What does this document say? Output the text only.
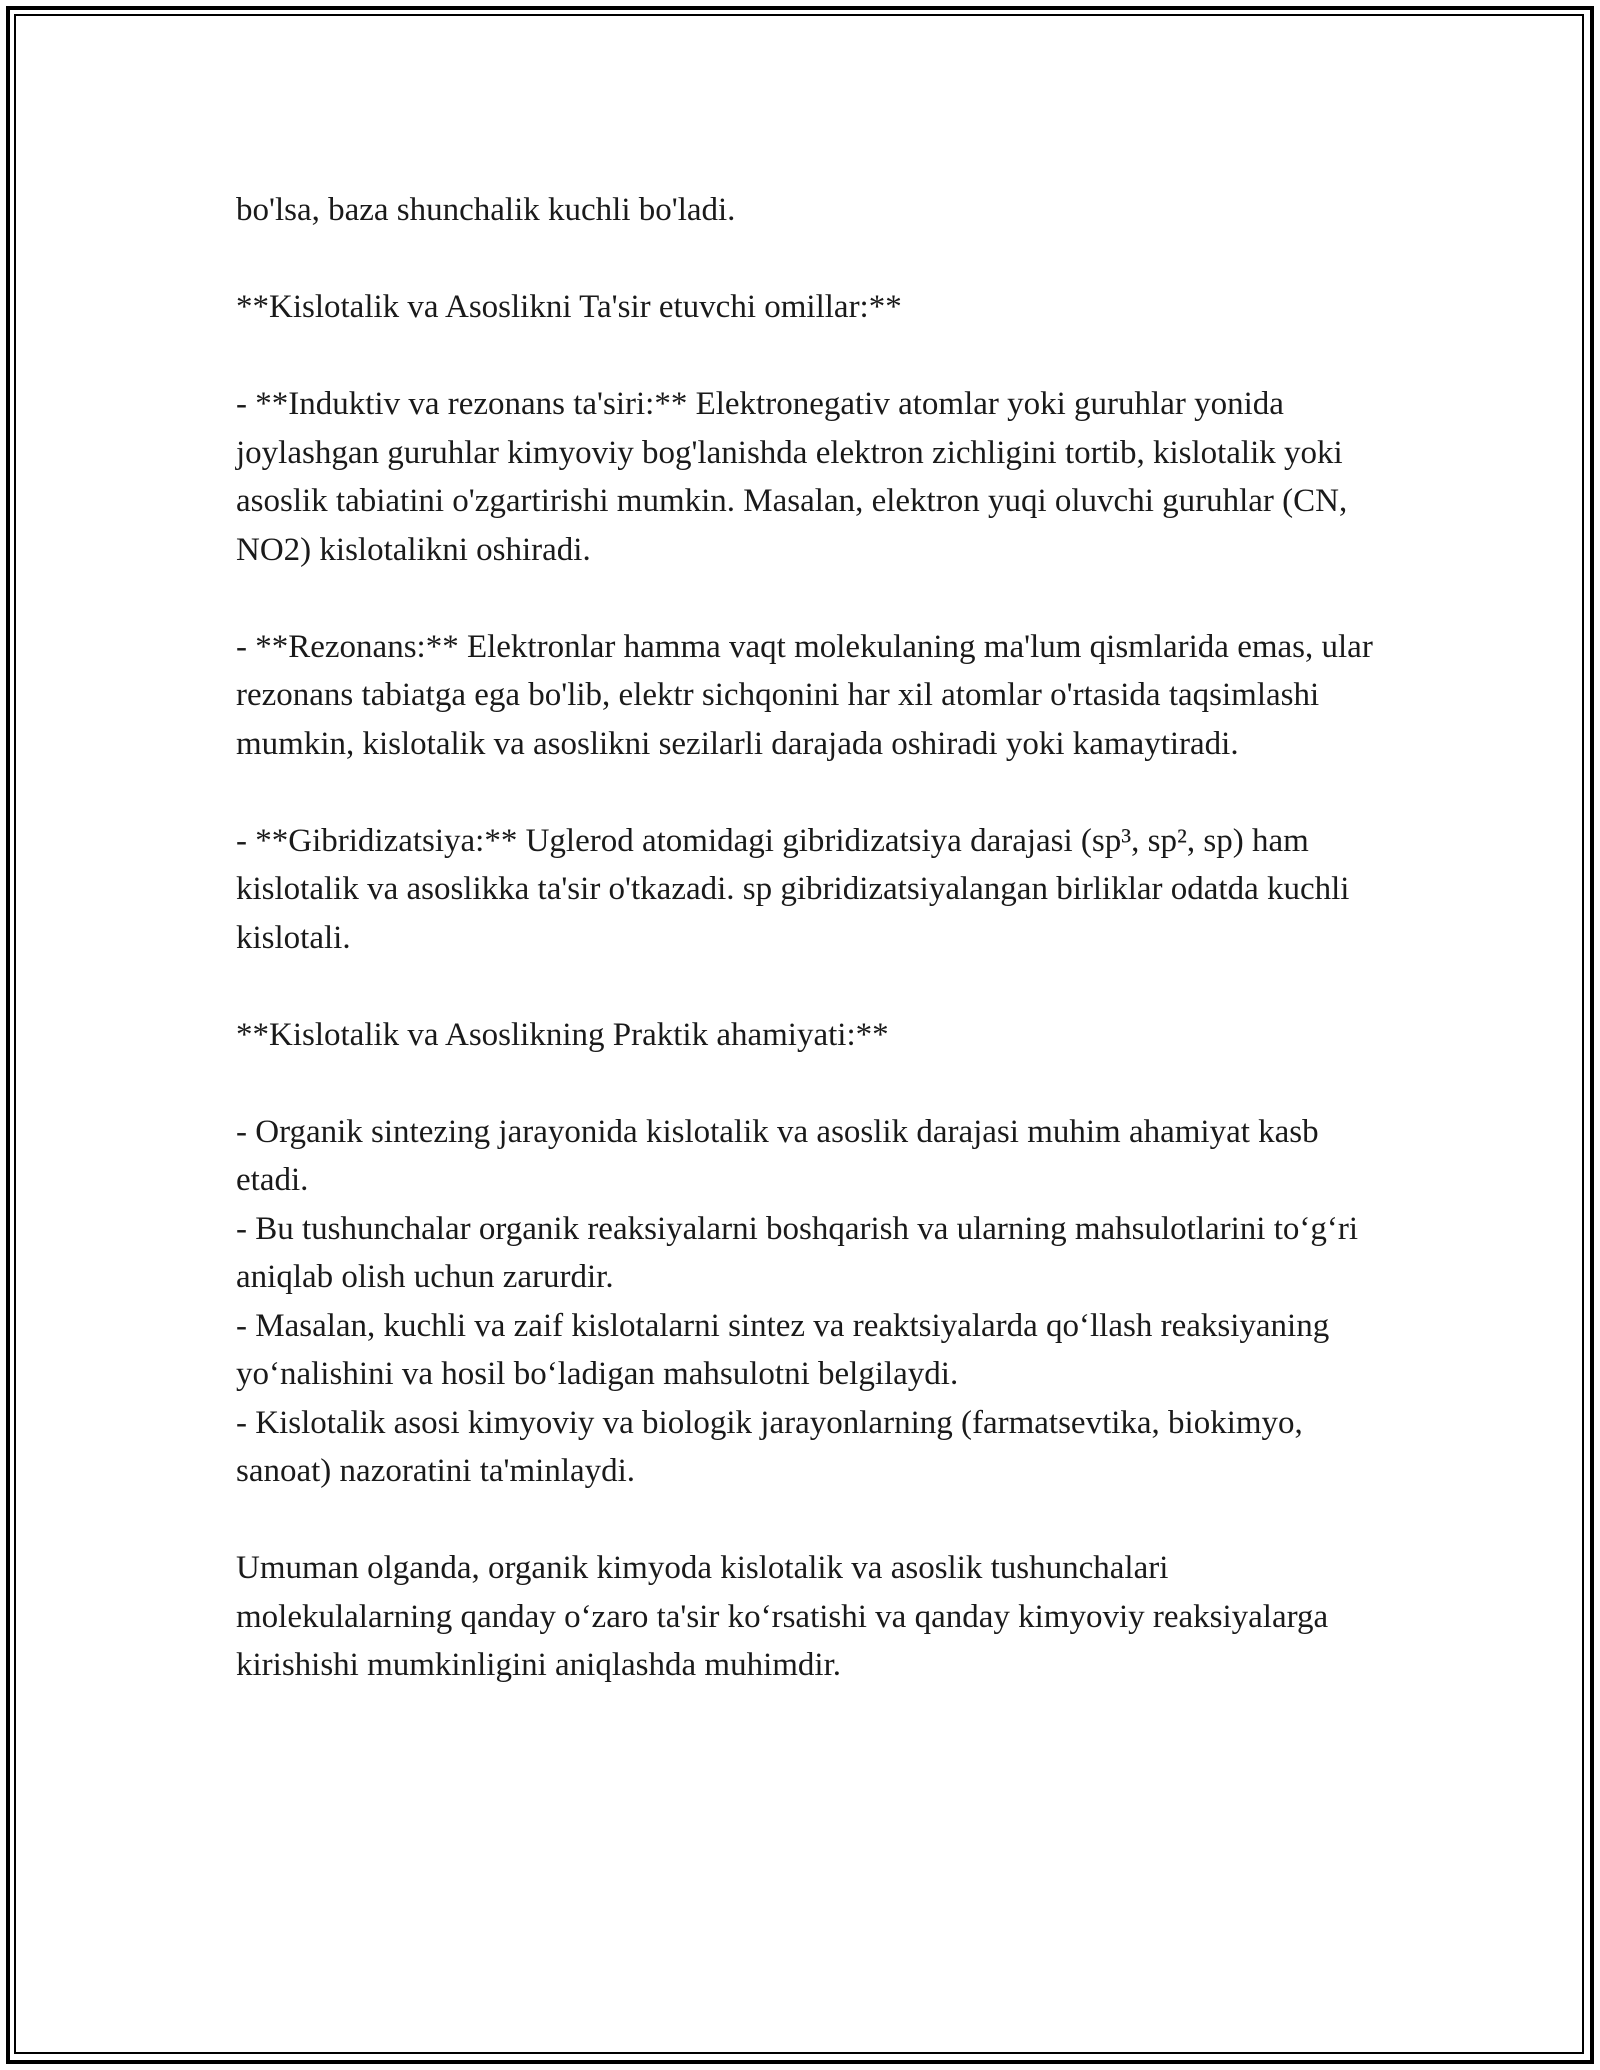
bo'lsa, baza shunchalik kuchli bo'ladi.

**Kislotalik va Asoslikni Ta'sir etuvchi omillar:**

- **Induktiv va rezonans ta'siri:** Elektronegativ atomlar yoki guruhlar yonida joylashgan guruhlar kimyoviy bog'lanishda elektron zichligini tortib, kislotalik yoki asoslik tabiatini o'zgartirishi mumkin. Masalan, elektron yuqi oluvchi guruhlar (CN, NO2) kislotalikni oshiradi.

- **Rezonans:** Elektronlar hamma vaqt molekulaning ma'lum qismlarida emas, ular rezonans tabiatga ega bo'lib, elektr sichqonini har xil atomlar o'rtasida taqsimlashi mumkin, kislotalik va asoslikni sezilarli darajada oshiradi yoki kamaytiradi.

- **Gibridizatsiya:** Uglerod atomidagi gibridizatsiya darajasi (sp³, sp², sp) ham kislotalik va asoslikka ta'sir o'tkazadi. sp gibridizatsiyalangan birliklar odatda kuchli kislotali.

**Kislotalik va Asoslikning Praktik ahamiyati:**

- Organik sintezing jarayonida kislotalik va asoslik darajasi muhim ahamiyat kasb etadi.

- Bu tushunchalar organik reaksiyalarni boshqarish va ularning mahsulotlarini to‘g‘ri aniqlab olish uchun zarurdir.

- Masalan, kuchli va zaif kislotalarni sintez va reaktsiyalarda qo‘llash reaksiyaning yo‘nalishini va hosil bo‘ladigan mahsulotni belgilaydi.

- Kislotalik asosi kimyoviy va biologik jarayonlarning (farmatsevtika, biokimyo, sanoat) nazoratini ta'minlaydi.

Umuman olganda, organik kimyoda kislotalik va asoslik tushunchalari molekulalarning qanday o‘zaro ta'sir ko‘rsatishi va qanday kimyoviy reaksiyalarga kirishishi mumkinligini aniqlashda muhimdir.
